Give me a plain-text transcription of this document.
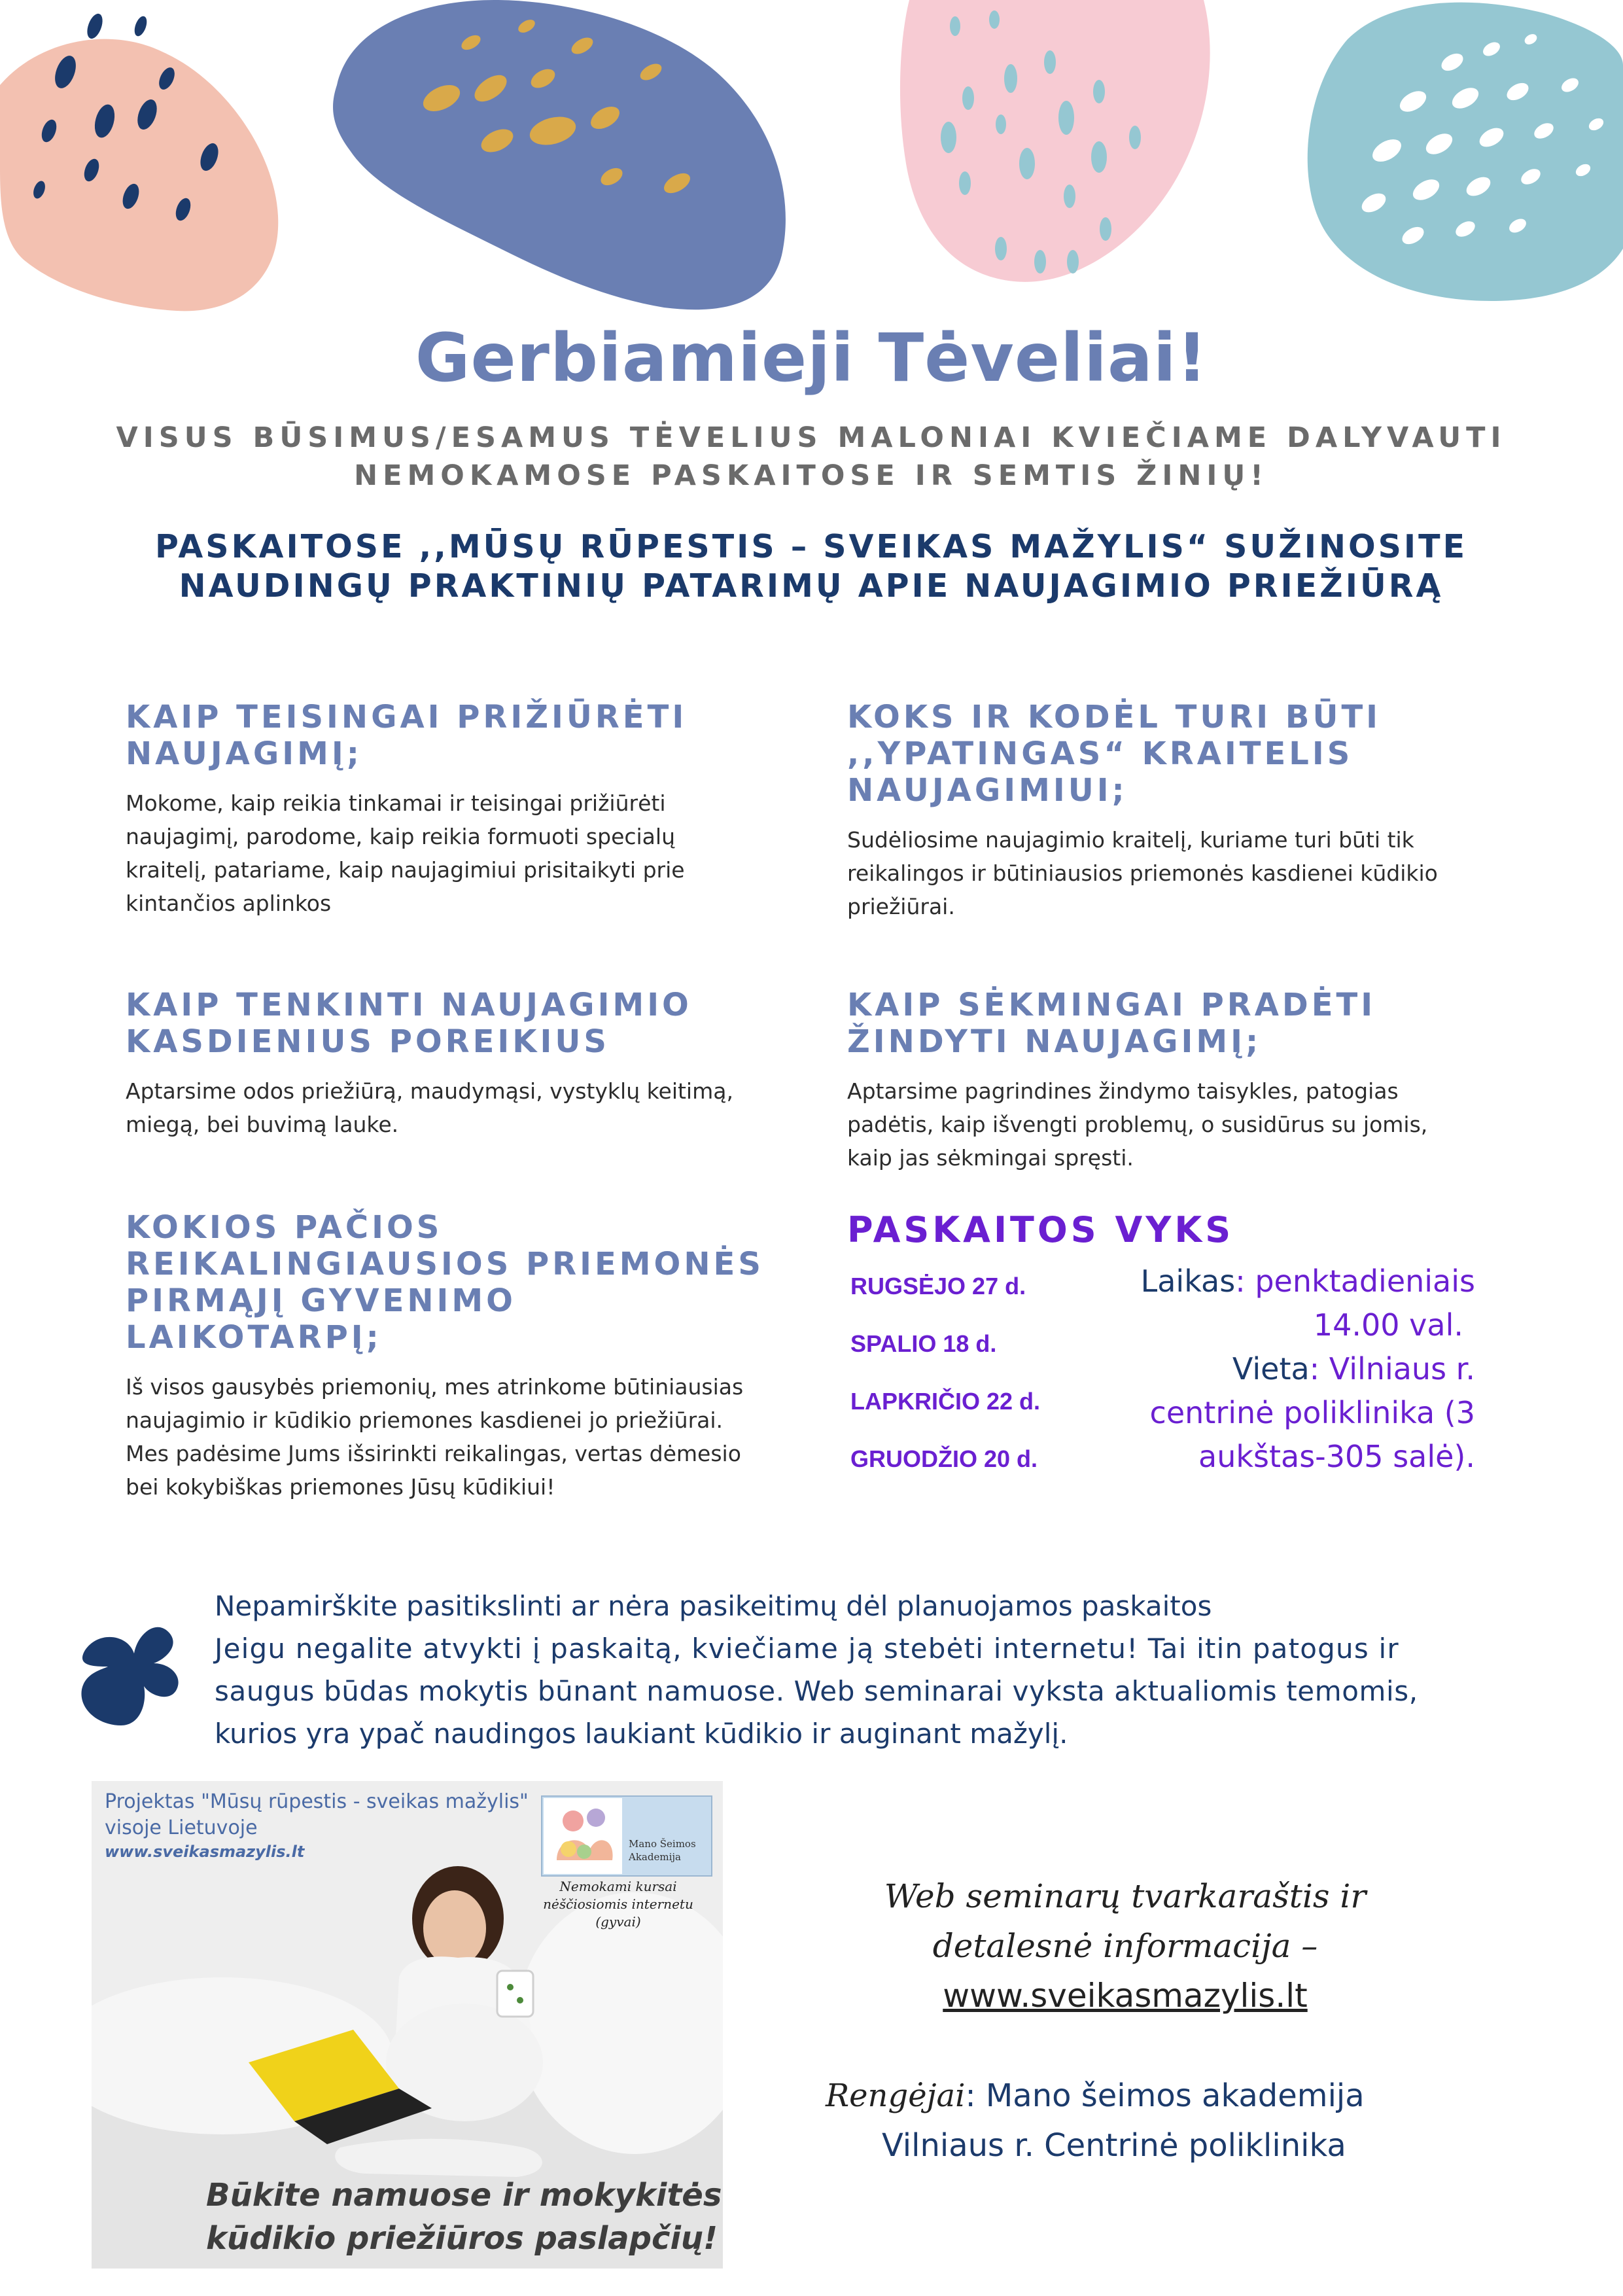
Gerbiamieji Tėveliai!
VISUS BŪSIMUS/ESAMUS TĖVELIUS MALONIAI KVIEČIAME DALYVAUTI
NEMOKAMOSE PASKAITOSE IR SEMTIS ŽINIŲ!
PASKAITOSE ,,MŪSŲ RŪPESTIS – SVEIKAS MAŽYLIS“ SUŽINOSITE
NAUDINGŲ PRAKTINIŲ PATARIMŲ APIE NAUJAGIMIO PRIEŽIŪRĄ
KAIP TEISINGAI PRIŽIŪRĖTI
NAUJAGIMĮ;
Mokome, kaip reikia tinkamai ir teisingai prižiūrėti
naujagimį, parodome, kaip reikia formuoti specialų
kraitelį, patariame, kaip naujagimiui prisitaikyti prie
kintančios aplinkos
KOKS IR KODĖL TURI BŪTI
,,YPATINGAS“ KRAITELIS
NAUJAGIMIUI;
Sudėliosime naujagimio kraitelį, kuriame turi būti tik
reikalingos ir būtiniausios priemonės kasdienei kūdikio
priežiūrai.
KAIP TENKINTI NAUJAGIMIO
KASDIENIUS POREIKIUS
Aptarsime odos priežiūrą, maudymąsi, vystyklų keitimą,
miegą, bei buvimą lauke.
KAIP SĖKMINGAI PRADĖTI
ŽINDYTI NAUJAGIMĮ;
Aptarsime pagrindines žindymo taisykles, patogias
padėtis, kaip išvengti problemų, o susidūrus su jomis,
kaip jas sėkmingai spręsti.
KOKIOS PAČIOS
REIKALINGIAUSIOS PRIEMONĖS
PIRMĄJĮ GYVENIMO
LAIKOTARPĮ;
Iš visos gausybės priemonių, mes atrinkome būtiniausias
naujagimio ir kūdikio priemones kasdienei jo priežiūrai.
Mes padėsime Jums išsirinkti reikalingas, vertas dėmesio
bei kokybiškas priemones Jūsų kūdikiui!
PASKAITOS VYKS
RUGSĖJO 27 d.
SPALIO 18 d.
LAPKRIČIO 22 d.
GRUODŽIO 20 d.
Laikas: penktadieniais
14.00 val.
Vieta: Vilniaus r.
centrinė poliklinika (3
aukštas-305 salė).
Nepamirškite pasitikslinti ar nėra pasikeitimų dėl planuojamos paskaitos
Jeigu negalite atvykti į paskaitą, kviečiame ją stebėti internetu! Tai itin patogus ir
saugus būdas mokytis būnant namuose. Web seminarai vyksta aktualiomis temomis,
kurios yra ypač naudingos laukiant kūdikio ir auginant mažylį.
Projektas "Mūsų rūpestis - sveikas mažylis"
visoje Lietuvoje
www.sveikasmazylis.lt	Mano Šeimos
Akademija
Nemokami kursai
nėščiosiomis internetu
(gyvai)
Būkite namuose ir mokykitės
kūdikio priežiūros paslapčių!
Web seminarų tvarkaraštis ir
detalesnė informacija –
www.sveikasmazylis.lt
Rengėjai: Mano šeimos akademija
Vilniaus r. Centrinė poliklinika
